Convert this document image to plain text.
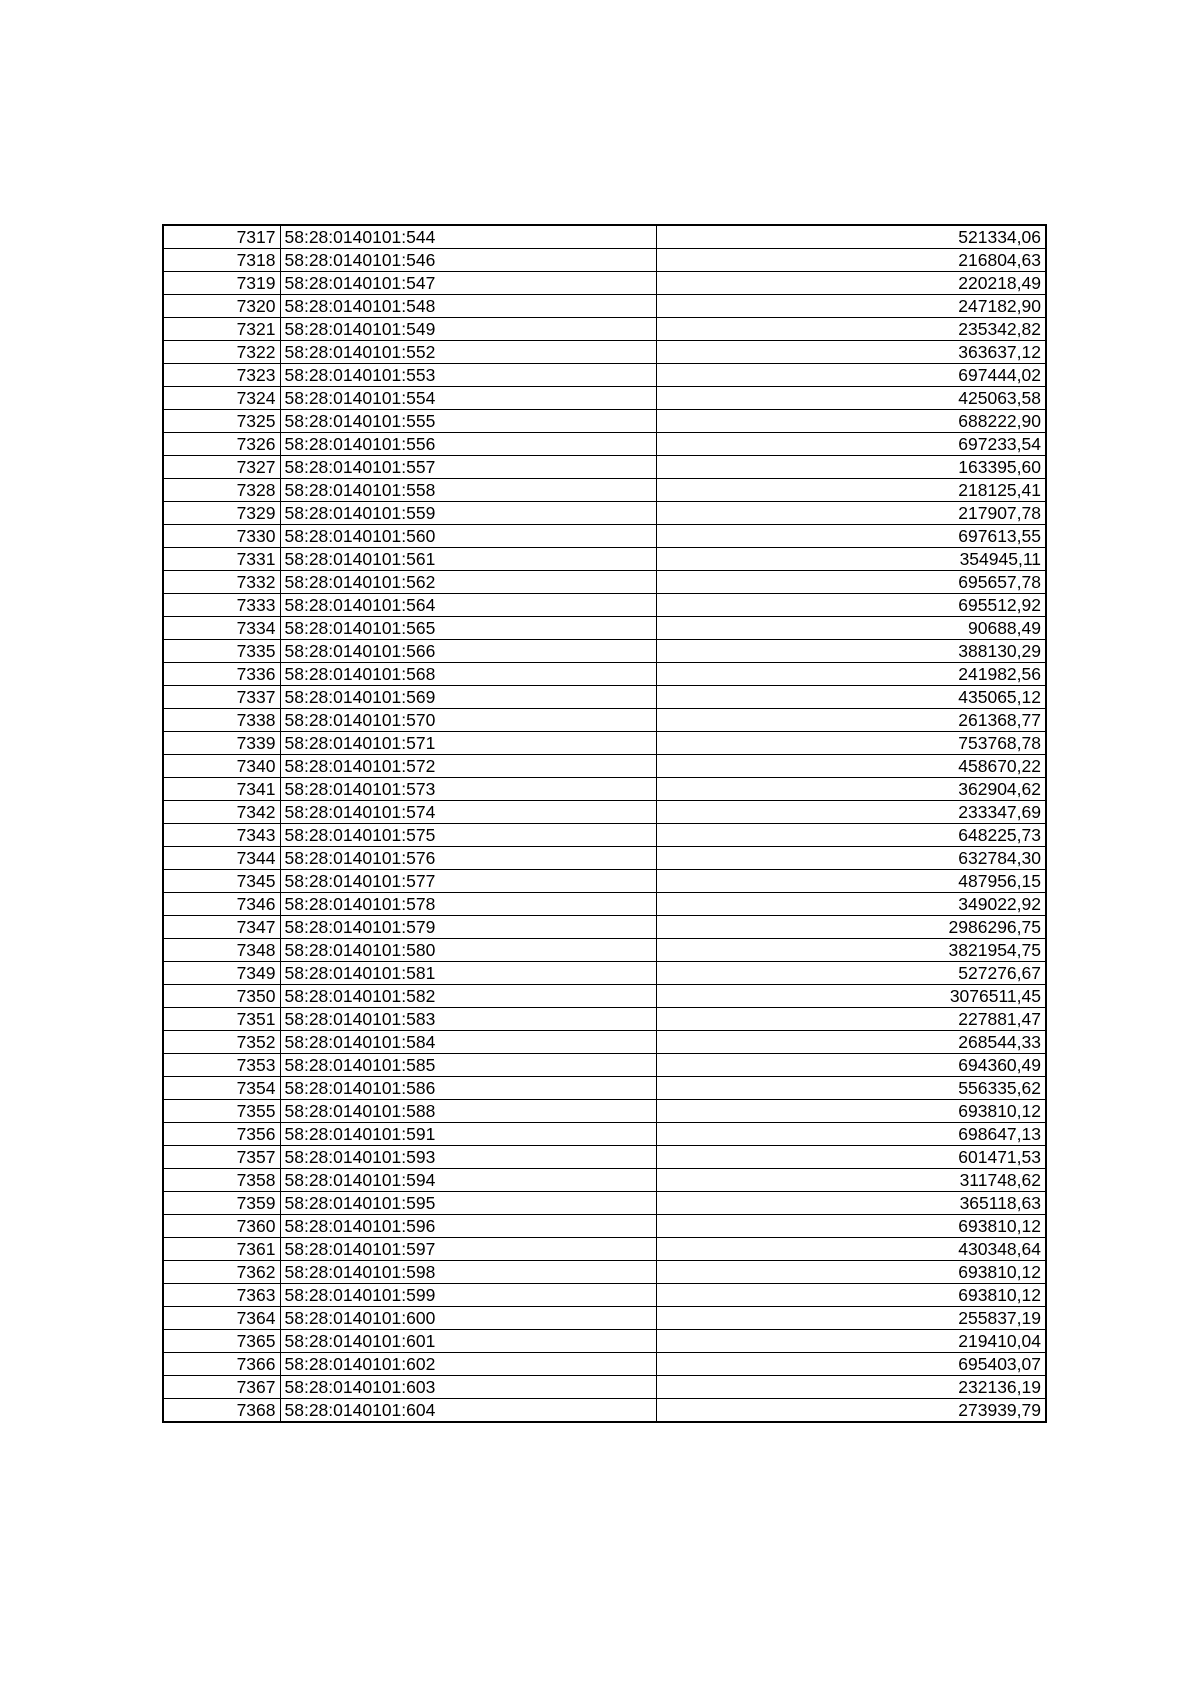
7317	58:28:0140101:544	521334,06
7318	58:28:0140101:546	216804,63
7319	58:28:0140101:547	220218,49
7320	58:28:0140101:548	247182,90
7321	58:28:0140101:549	235342,82
7322	58:28:0140101:552	363637,12
7323	58:28:0140101:553	697444,02
7324	58:28:0140101:554	425063,58
7325	58:28:0140101:555	688222,90
7326	58:28:0140101:556	697233,54
7327	58:28:0140101:557	163395,60
7328	58:28:0140101:558	218125,41
7329	58:28:0140101:559	217907,78
7330	58:28:0140101:560	697613,55
7331	58:28:0140101:561	354945,11
7332	58:28:0140101:562	695657,78
7333	58:28:0140101:564	695512,92
7334	58:28:0140101:565	90688,49
7335	58:28:0140101:566	388130,29
7336	58:28:0140101:568	241982,56
7337	58:28:0140101:569	435065,12
7338	58:28:0140101:570	261368,77
7339	58:28:0140101:571	753768,78
7340	58:28:0140101:572	458670,22
7341	58:28:0140101:573	362904,62
7342	58:28:0140101:574	233347,69
7343	58:28:0140101:575	648225,73
7344	58:28:0140101:576	632784,30
7345	58:28:0140101:577	487956,15
7346	58:28:0140101:578	349022,92
7347	58:28:0140101:579	2986296,75
7348	58:28:0140101:580	3821954,75
7349	58:28:0140101:581	527276,67
7350	58:28:0140101:582	3076511,45
7351	58:28:0140101:583	227881,47
7352	58:28:0140101:584	268544,33
7353	58:28:0140101:585	694360,49
7354	58:28:0140101:586	556335,62
7355	58:28:0140101:588	693810,12
7356	58:28:0140101:591	698647,13
7357	58:28:0140101:593	601471,53
7358	58:28:0140101:594	311748,62
7359	58:28:0140101:595	365118,63
7360	58:28:0140101:596	693810,12
7361	58:28:0140101:597	430348,64
7362	58:28:0140101:598	693810,12
7363	58:28:0140101:599	693810,12
7364	58:28:0140101:600	255837,19
7365	58:28:0140101:601	219410,04
7366	58:28:0140101:602	695403,07
7367	58:28:0140101:603	232136,19
7368	58:28:0140101:604	273939,79
